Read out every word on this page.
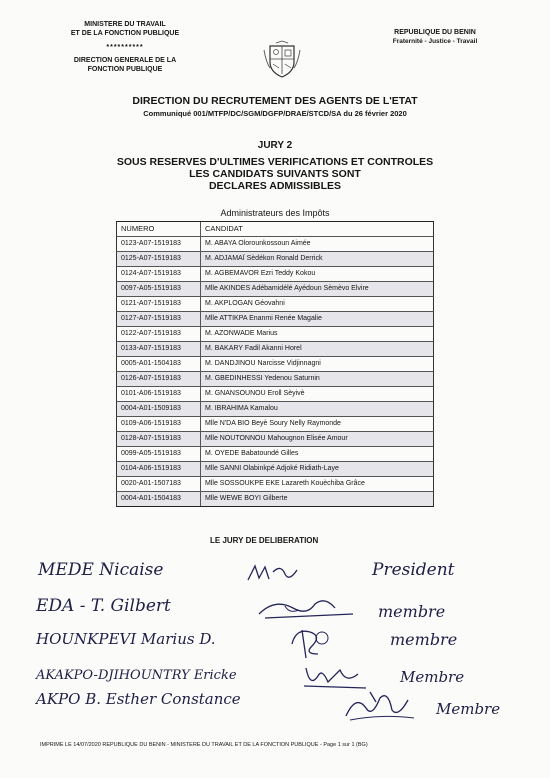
MINISTERE DU TRAVAIL
ET DE LA FONCTION PUBLIQUE
**********
DIRECTION GENERALE DE LA
FONCTION PUBLIQUE
REPUBLIQUE DU BENIN
Fraternité - Justice - Travail
DIRECTION DU RECRUTEMENT DES AGENTS DE L'ETAT
Communiqué 001/MTFP/DC/SGM/DGFP/DRAE/STCD/SA du 26 février 2020
JURY 2
SOUS RESERVES D'ULTIMES VERIFICATIONS ET CONTROLES
LES CANDIDATS SUIVANTS SONT
DECLARES ADMISSIBLES
Administrateurs des Impôts
NUMERO	CANDIDAT
0123-A07-1519183	M. ABAYA Olorounkossoun Aimée
0125-A07-1519183	M. ADJAMAÏ Sèdékon Ronald Derrick
0124-A07-1519183	M. AGBEMAVOR Ezri Teddy Kokou
0097-A05-1519183	Mlle AKINDES Adébamidélé Ayédoun Sèmèvo Elvire
0121-A07-1519183	M. AKPLOGAN Géovahni
0127-A07-1519183	Mlle ATTIKPA Enanmi Renée Magalie
0122-A07-1519183	M. AZONWADE Marius
0133-A07-1519183	M. BAKARY Fadil Akanni Horel
0005-A01-1504183	M. DANDJINOU Narcisse Vidjinnagni
0126-A07-1519183	M. GBEDINHESSI Yedenou Saturnin
0101-A06-1519183	M. GNANSOUNOU Eroll Sèyivè
0004-A01-1509183	M. IBRAHIMA Kamalou
0109-A06-1519183	Mlle N'DA BIO Beyè Soury Nelly Raymonde
0128-A07-1519183	Mlle NOUTONNOU Mahougnon Elisée Amour
0099-A05-1519183	M. OYEDE Babatoundé Gilles
0104-A06-1519183	Mlle SANNI Olabinkpé Adjoké Ridiath-Laye
0020-A01-1507183	Mlle SOSSOUKPE EKE Lazareth Kouèchiba Grâce
0004-A01-1504183	Mlle WEWE BOYI Gilberte
LE JURY DE DELIBERATION
MEDE Nicaise	President
EDA - T. Gilbert	membre
HOUNKPEVI Marius D.	membre
AKAKPO-DJIHOUNTRY Ericke	Membre
AKPO B. Esther Constance
Membre
IMPRIME LE 14/07/2020 REPUBLIQUE DU BENIN - MINISTERE DU TRAVAIL ET DE LA FONCTION PUBLIQUE - Page 1 sur 1 (BG)
